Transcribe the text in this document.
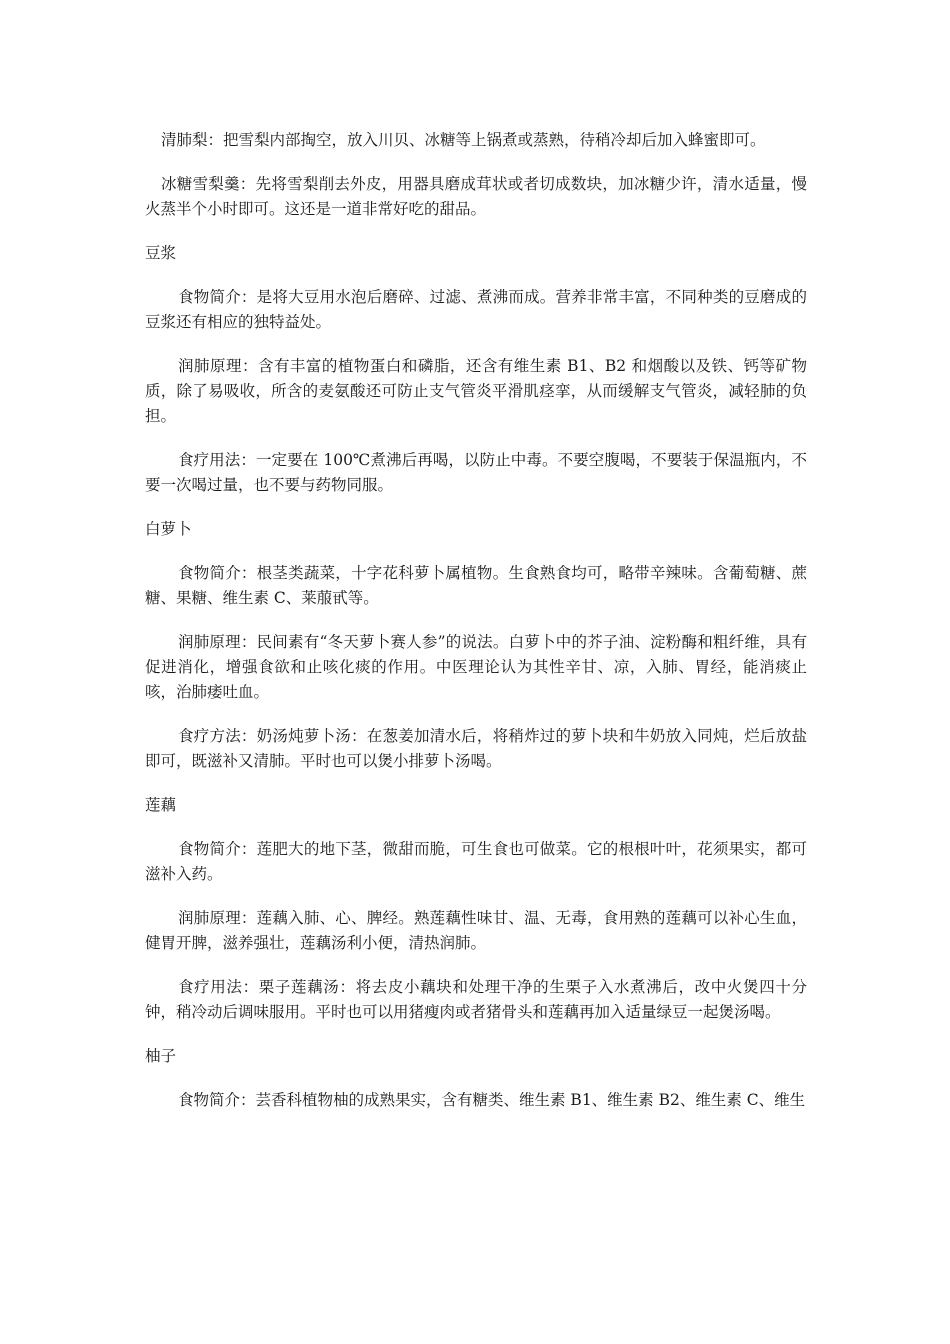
清肺梨：把雪梨内部掏空，放入川贝、冰糖等上锅煮或蒸熟，待稍冷却后加入蜂蜜即可。

冰糖雪梨羹：先将雪梨削去外皮，用器具磨成茸状或者切成数块，加冰糖少许，清水适量，慢火蒸半个小时即可。这还是一道非常好吃的甜品。

豆浆

食物简介：是将大豆用水泡后磨碎、过滤、煮沸而成。营养非常丰富，不同种类的豆磨成的豆浆还有相应的独特益处。

润肺原理：含有丰富的植物蛋白和磷脂，还含有维生素 B1、B2 和烟酸以及铁、钙等矿物质，除了易吸收，所含的麦氨酸还可防止支气管炎平滑肌痉挛，从而缓解支气管炎，减轻肺的负担。

食疗用法：一定要在 100℃煮沸后再喝，以防止中毒。不要空腹喝，不要装于保温瓶内，不要一次喝过量，也不要与药物同服。

白萝卜

食物简介：根茎类蔬菜，十字花科萝卜属植物。生食熟食均可，略带辛辣味。含葡萄糖、蔗糖、果糖、维生素 C、莱菔甙等。

润肺原理：民间素有“冬天萝卜赛人参”的说法。白萝卜中的芥子油、淀粉酶和粗纤维，具有促进消化，增强食欲和止咳化痰的作用。中医理论认为其性辛甘、凉，入肺、胃经，能消痰止咳，治肺痿吐血。

食疗方法：奶汤炖萝卜汤：在葱姜加清水后，将稍炸过的萝卜块和牛奶放入同炖，烂后放盐即可，既滋补又清肺。平时也可以煲小排萝卜汤喝。

莲藕

食物简介：莲肥大的地下茎，微甜而脆，可生食也可做菜。它的根根叶叶，花须果实，都可滋补入药。

润肺原理：莲藕入肺、心、脾经。熟莲藕性味甘、温、无毒，食用熟的莲藕可以补心生血，健胃开脾，滋养强壮，莲藕汤利小便，清热润肺。

食疗用法：栗子莲藕汤：将去皮小藕块和处理干净的生栗子入水煮沸后，改中火煲四十分钟，稍冷动后调味服用。平时也可以用猪瘦肉或者猪骨头和莲藕再加入适量绿豆一起煲汤喝。

柚子

食物简介：芸香科植物柚的成熟果实，含有糖类、维生素 B1、维生素 B2、维生素 C、维生
